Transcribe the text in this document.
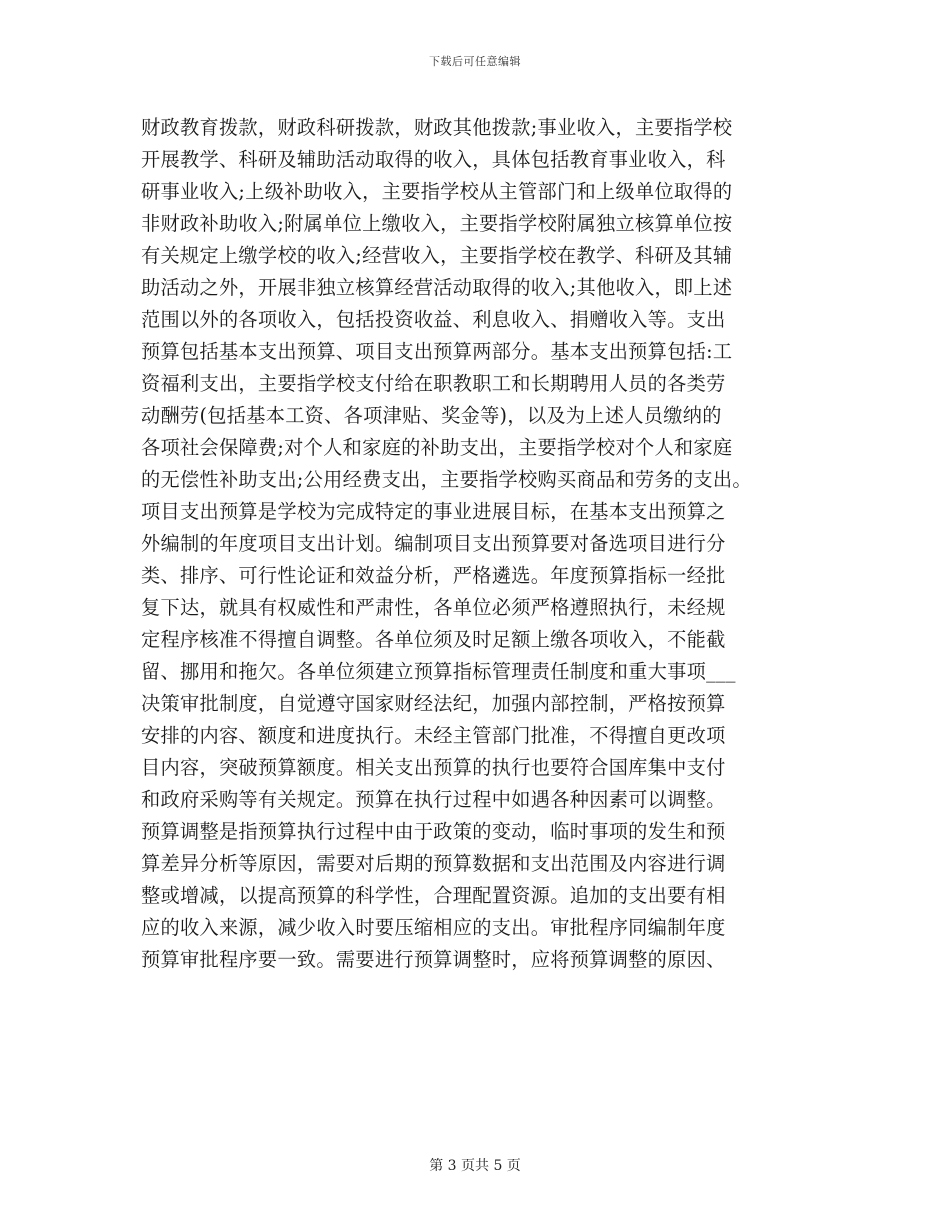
下载后可任意编辑
财政教育拨款，财政科研拨款，财政其他拨款;事业收入，主要指学校
开展教学、科研及辅助活动取得的收入，具体包括教育事业收入，科
研事业收入;上级补助收入，主要指学校从主管部门和上级单位取得的
非财政补助收入;附属单位上缴收入，主要指学校附属独立核算单位按
有关规定上缴学校的收入;经营收入，主要指学校在教学、科研及其辅
助活动之外，开展非独立核算经营活动取得的收入;其他收入，即上述
范围以外的各项收入，包括投资收益、利息收入、捐赠收入等。支出
预算包括基本支出预算、项目支出预算两部分。基本支出预算包括:工
资福利支出，主要指学校支付给在职教职工和长期聘用人员的各类劳
动酬劳(包括基本工资、各项津贴、奖金等)，以及为上述人员缴纳的
各项社会保障费;对个人和家庭的补助支出，主要指学校对个人和家庭
的无偿性补助支出;公用经费支出，主要指学校购买商品和劳务的支出。
项目支出预算是学校为完成特定的事业进展目标，在基本支出预算之
外编制的年度项目支出计划。编制项目支出预算要对备选项目进行分
类、排序、可行性论证和效益分析，严格遴选。年度预算指标一经批
复下达，就具有权威性和严肃性，各单位必须严格遵照执行，未经规
定程序核准不得擅自调整。各单位须及时足额上缴各项收入，不能截
留、挪用和拖欠。各单位须建立预算指标管理责任制度和重大事项___
决策审批制度，自觉遵守国家财经法纪，加强内部控制，严格按预算
安排的内容、额度和进度执行。未经主管部门批准，不得擅自更改项
目内容，突破预算额度。相关支出预算的执行也要符合国库集中支付
和政府采购等有关规定。预算在执行过程中如遇各种因素可以调整。
预算调整是指预算执行过程中由于政策的变动，临时事项的发生和预
算差异分析等原因，需要对后期的预算数据和支出范围及内容进行调
整或增减，以提高预算的科学性，合理配置资源。追加的支出要有相
应的收入来源，减少收入时要压缩相应的支出。审批程序同编制年度
预算审批程序要一致。需要进行预算调整时，应将预算调整的原因、
第 3 页共 5 页
